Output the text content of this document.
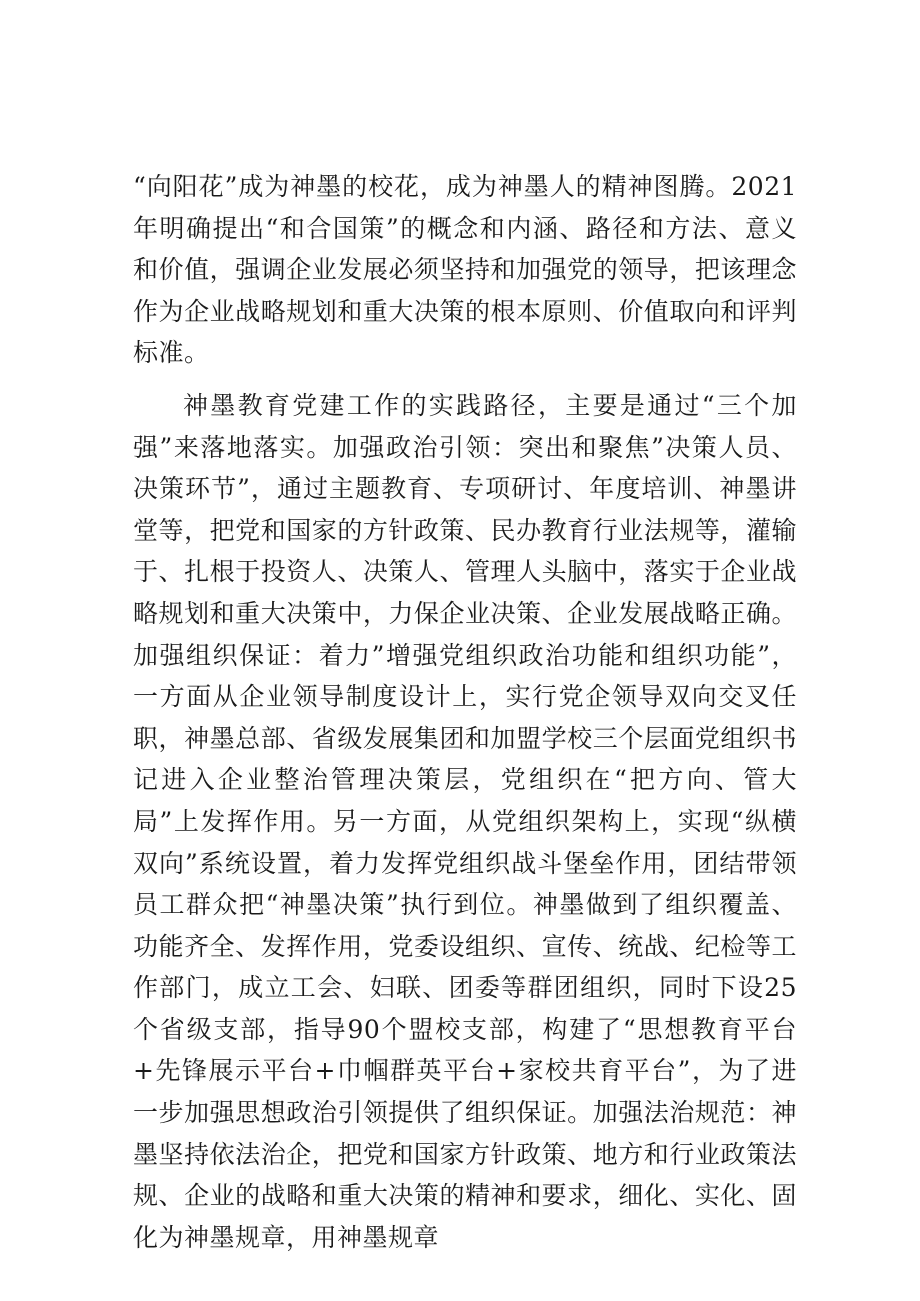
“向阳花”成为神墨的校花，成为神墨人的精神图腾。2021年明确提出“和合国策”的概念和内涵、路径和方法、意义和价值，强调企业发展必须坚持和加强党的领导，把该理念作为企业战略规划和重大决策的根本原则、价值取向和评判标准。

神墨教育党建工作的实践路径，主要是通过“三个加强”来落地落实。加强政治引领：突出和聚焦”决策人员、决策环节”，通过主题教育、专项研讨、年度培训、神墨讲堂等，把党和国家的方针政策、民办教育行业法规等，灌输于、扎根于投资人、决策人、管理人头脑中，落实于企业战略规划和重大决策中，力保企业决策、企业发展战略正确。加强组织保证：着力”增强党组织政治功能和组织功能”，一方面从企业领导制度设计上，实行党企领导双向交叉任职，神墨总部、省级发展集团和加盟学校三个层面党组织书记进入企业整治管理决策层，党组织在“把方向、管大局”上发挥作用。另一方面，从党组织架构上，实现“纵横双向”系统设置，着力发挥党组织战斗堡垒作用，团结带领员工群众把“神墨决策”执行到位。神墨做到了组织覆盖、功能齐全、发挥作用，党委设组织、宣传、统战、纪检等工作部门，成立工会、妇联、团委等群团组织，同时下设25个省级支部，指导90个盟校支部，构建了“思想教育平台+先锋展示平台+巾帼群英平台+家校共育平台”，为了进一步加强思想政治引领提供了组织保证。加强法治规范：神墨坚持依法治企，把党和国家方针政策、地方和行业政策法规、企业的战略和重大决策的精神和要求，细化、实化、固化为神墨规章，用神墨规章
